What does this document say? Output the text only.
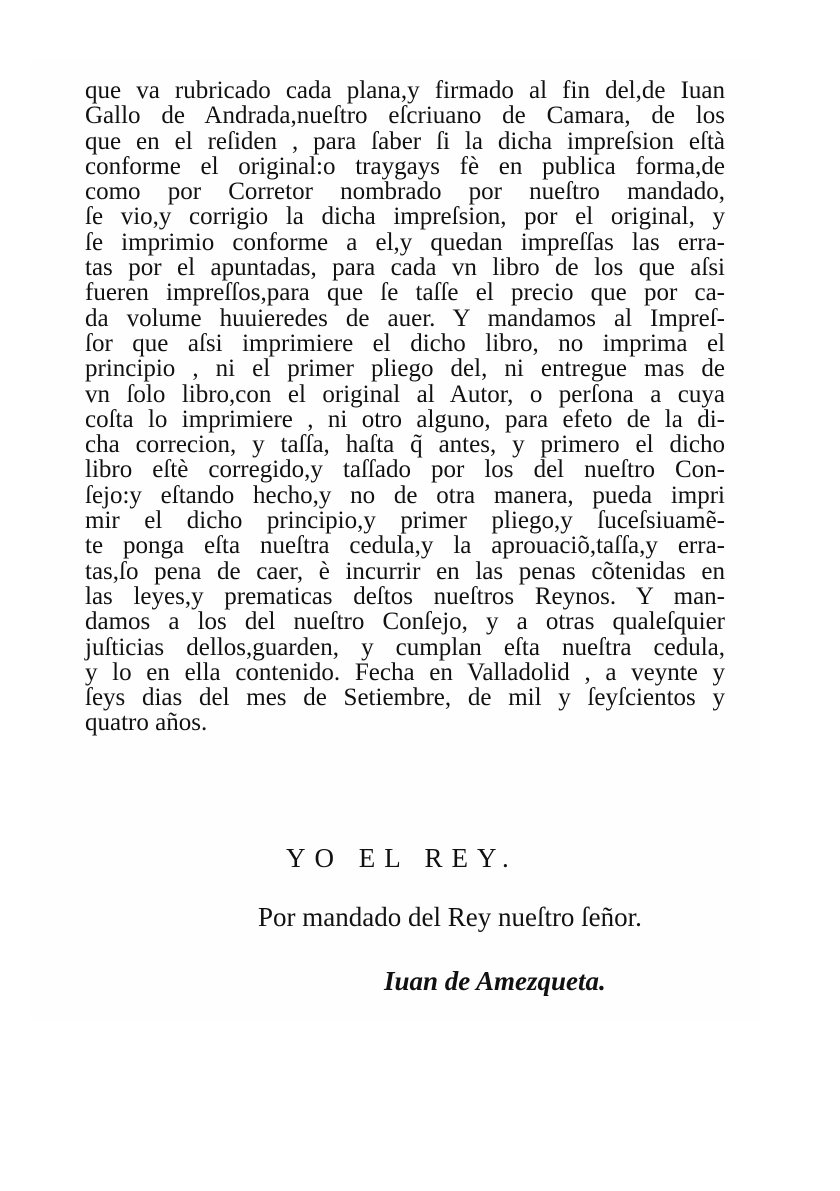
que va rubricado cada plana,y firmado al fin del,de Iuan
Gallo de Andrada,nueſtro eſcriuano de Camara, de los
que en el reſiden , para ſaber ſi la dicha impreſsion eſtà
conforme el original:o traygays fè en publica forma,de
como por Corretor nombrado por nueſtro mandado,
ſe vio,y corrigio la dicha impreſsion, por el original, y
ſe imprimio conforme a el,y quedan impreſſas las erra-
tas por el apuntadas, para cada vn libro de los que aſsi
fueren impreſſos,para que ſe taſſe el precio que por ca-
da volume huuieredes de auer. Y mandamos al Impreſ-
ſor que aſsi imprimiere el dicho libro, no imprima el
principio , ni el primer pliego del, ni entregue mas de
vn ſolo libro,con el original al Autor, o perſona a cuya
coſta lo imprimiere , ni otro alguno, para efeto de la di-
cha correcion, y taſſa, haſta q̃ antes, y primero el dicho
libro eſtè corregido,y taſſado por los del nueſtro Con-
ſejo:y eſtando hecho,y no de otra manera, pueda impri
mir el dicho principio,y primer pliego,y ſuceſsiuamẽ-
te ponga eſta nueſtra cedula,y la aprouaciõ,taſſa,y erra-
tas,ſo pena de caer, è incurrir en las penas cõtenidas en
las leyes,y prematicas deſtos nueſtros Reynos. Y man-
damos a los del nueſtro Conſejo, y a otras qualeſquier
juſticias dellos,guarden, y cumplan eſta nueſtra cedula,
y lo en ella contenido. Fecha en Valladolid , a veynte y
ſeys dias del mes de Setiembre, de mil y ſeyſcientos y
quatro años.
YO EL REY.
Por mandado del Rey nueſtro ſeñor.
Iuan de Amezqueta.
